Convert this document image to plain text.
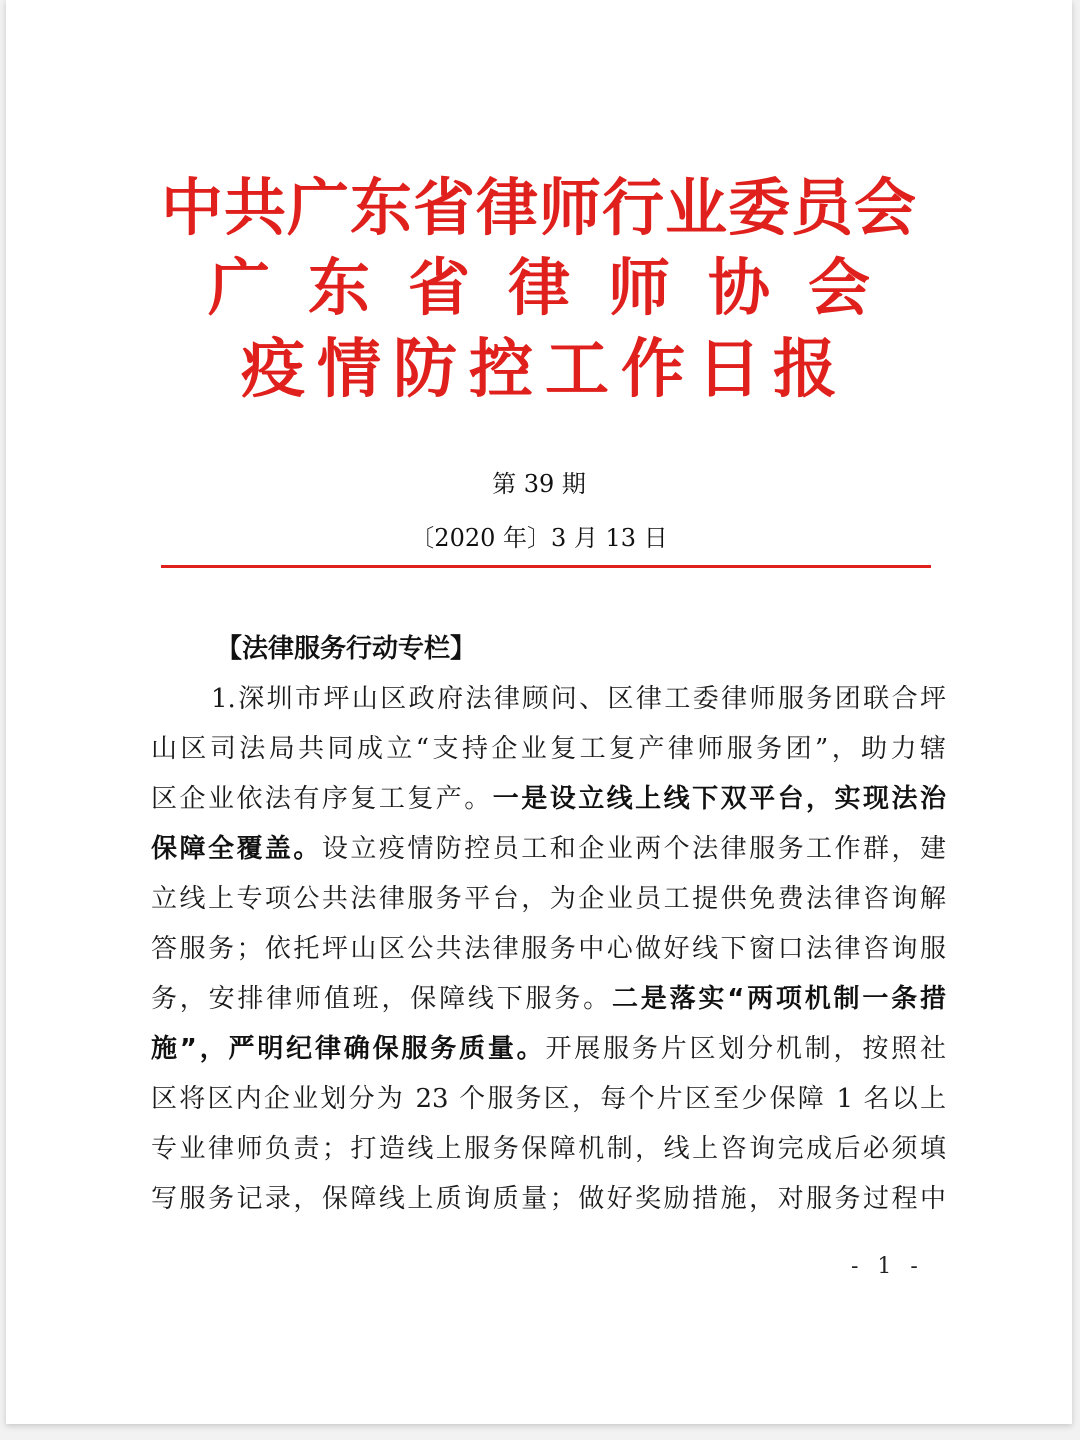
中共广东省律师行业委员会
广东省律师协会
疫情防控工作日报
第 39 期
〔2020 年〕3 月 13 日
【法律服务行动专栏】
1.深圳市坪山区政府法律顾问、区律工委律师服务团联合坪
山区司法局共同成立“支持企业复工复产律师服务团”，助力辖
区企业依法有序复工复产。一是设立线上线下双平台，实现法治
保障全覆盖。设立疫情防控员工和企业两个法律服务工作群，建
立线上专项公共法律服务平台，为企业员工提供免费法律咨询解
答服务；依托坪山区公共法律服务中心做好线下窗口法律咨询服
务，安排律师值班，保障线下服务。二是落实“两项机制一条措
施”，严明纪律确保服务质量。开展服务片区划分机制，按照社
区将区内企业划分为 23 个服务区，每个片区至少保障 1 名以上
专业律师负责；打造线上服务保障机制，线上咨询完成后必须填
写服务记录，保障线上质询质量；做好奖励措施，对服务过程中
- 1 -
